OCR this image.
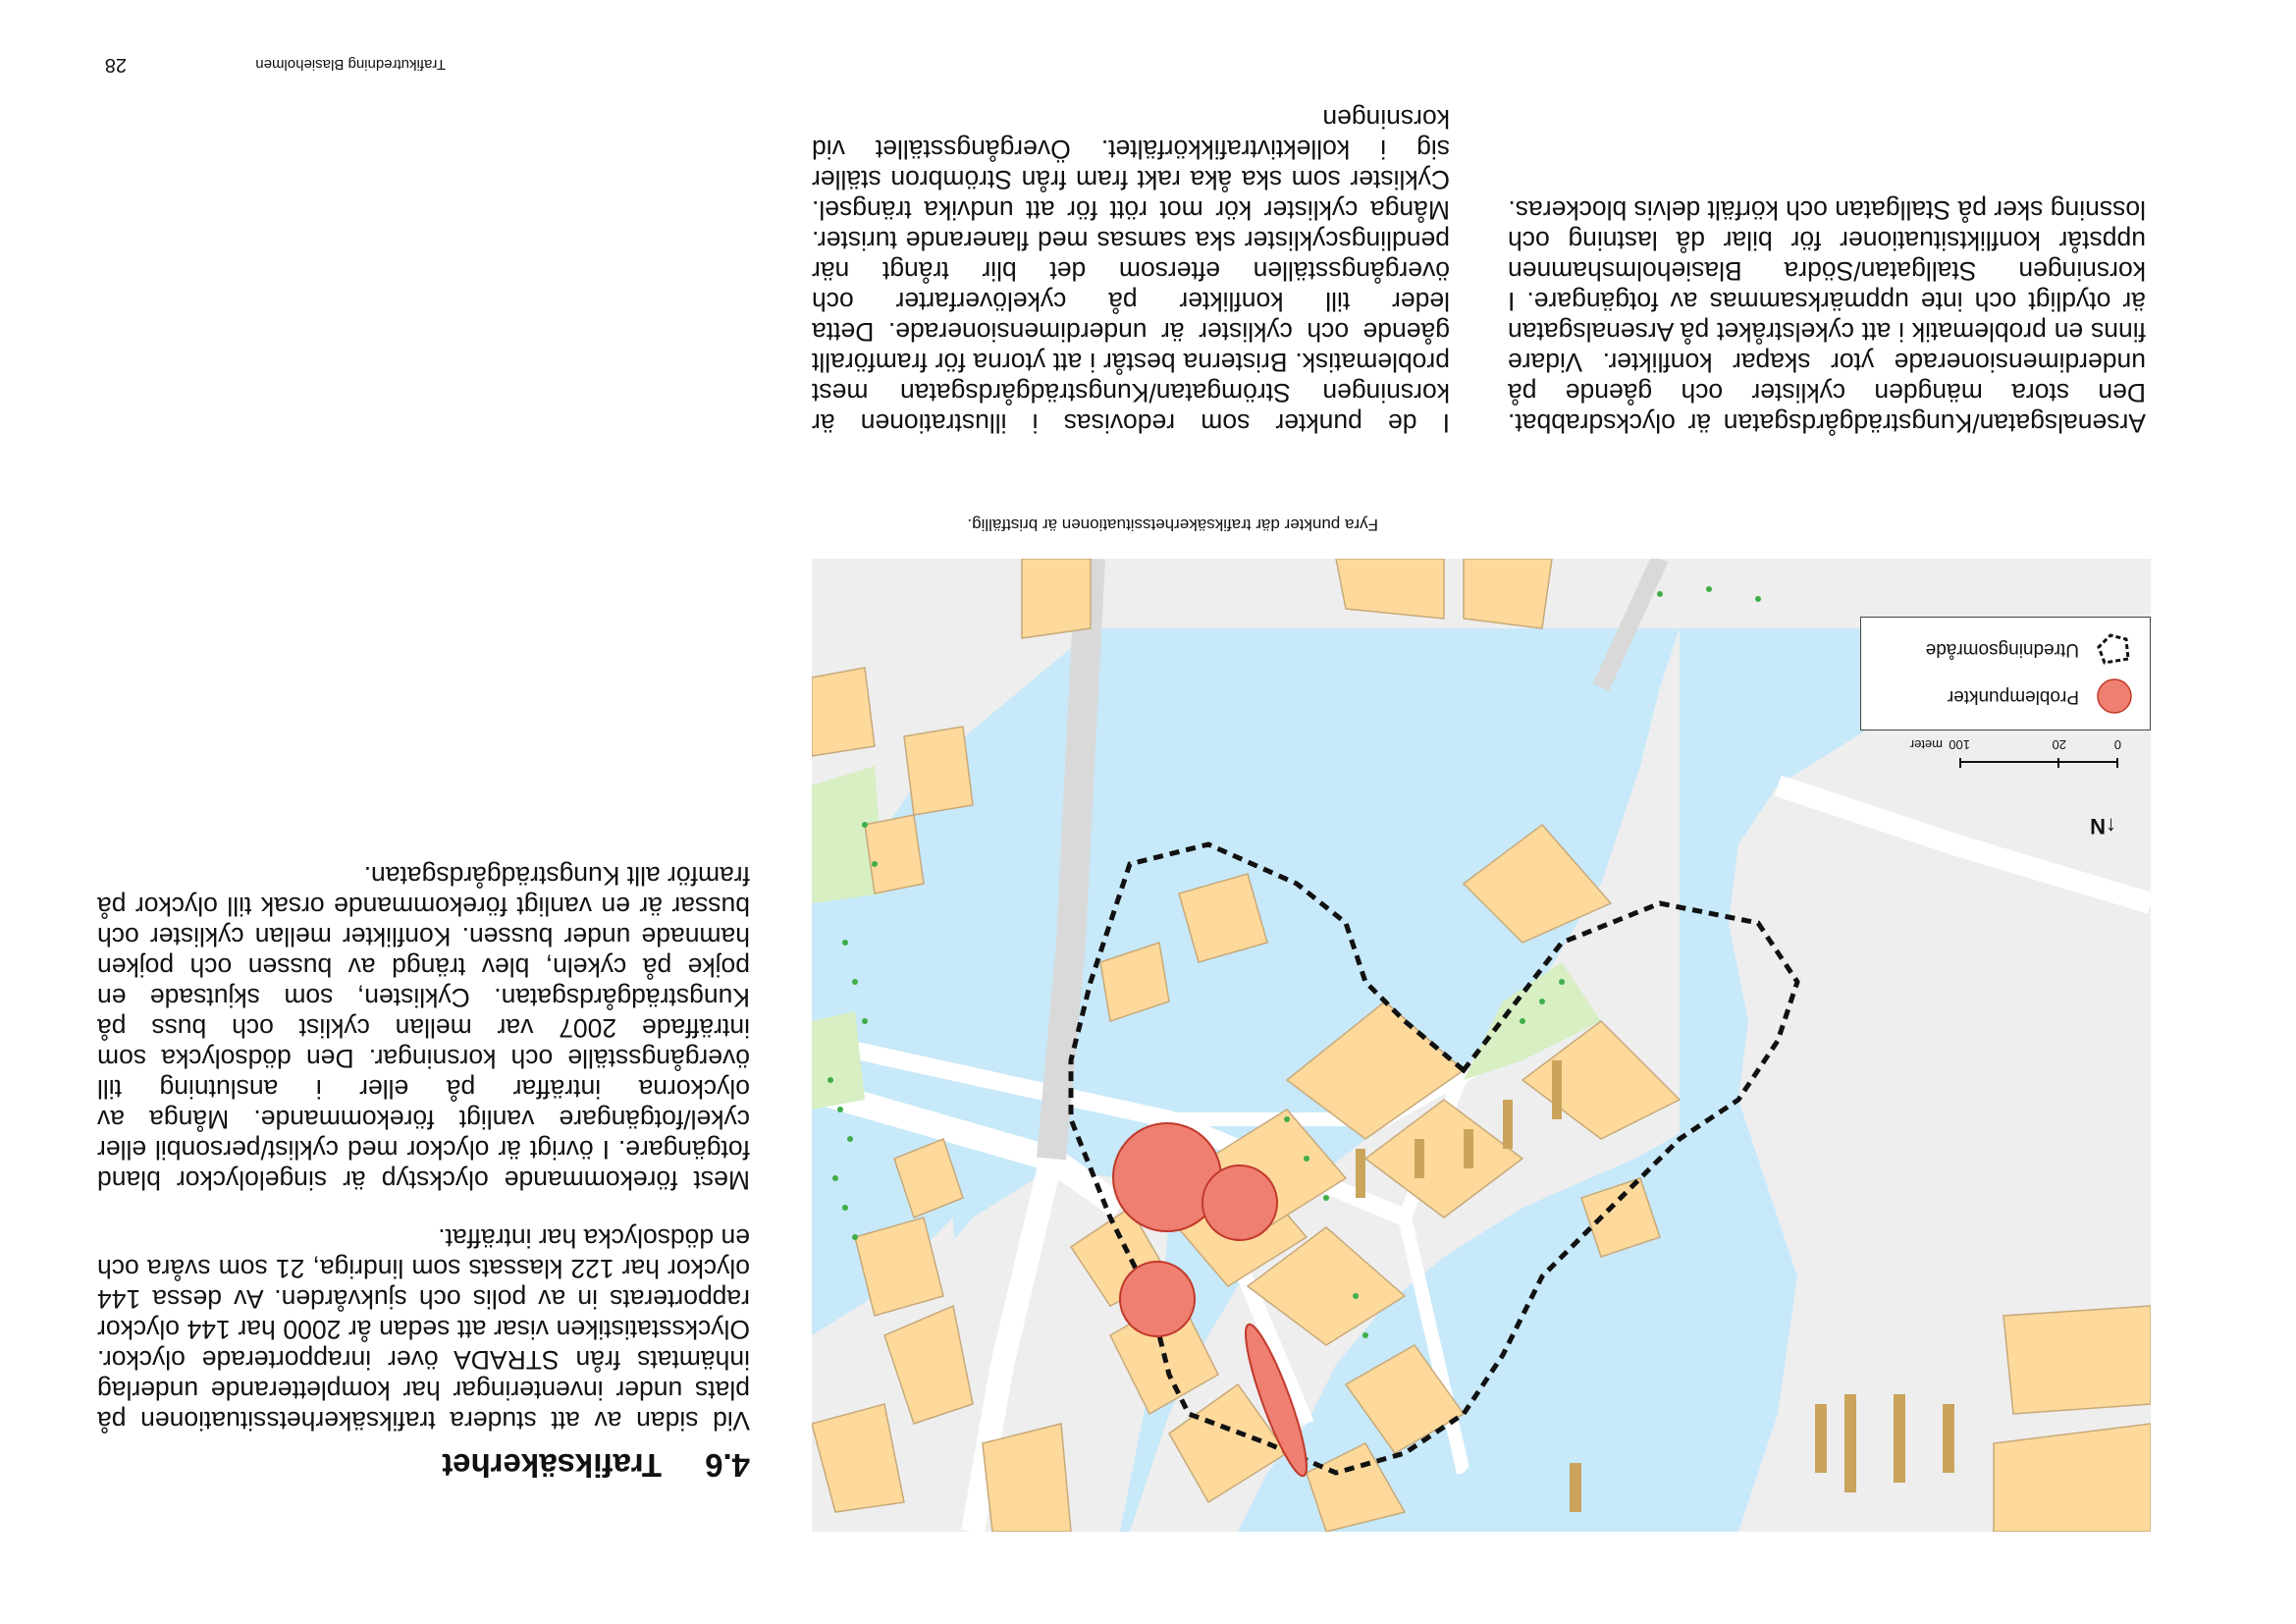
28	Trafikutredning Blasieholmen
4.6
Trafiksäkerhet

Vid sidan av att studera trafiksäkerhetssituationen på plats under inventeringar har kompletterande underlag inhämtats från STRADA över inrapporterade olyckor. Olycksstatistiken visar att sedan år 2000 har 144 olyckor rapporterats in av polis och sjukvården. Av dessa 144 olyckor har 122 klassats som lindriga, 21 som svåra och en dödsolycka har inträffat.

Mest förekommande olyckstyp är singelolyckor bland fotgängare. I övrigt är olyckor med cyklist/personbil eller cykel/fotgängare vanligt förekommande. Många av olyckorna inträffar på eller i anslutning till övergångsställe och korsningar. Den dödsolycka som inträffade 2007 var mellan cyklist och buss på Kungsträdgårdsgatan. Cyklisten, som skjutsade en pojke på cykeln, blev trängd av bussen och pojken hamnade under bussen. Konflikter mellan cyklister och bussar är en vanligt förekommande orsak till olyckor på framför allt Kungsträdgårdsgatan.

I de punkter som redovisas i illustrationen är korsningen Strömgatan/Kungsträdgårdsgatan mest problematisk. Bristerna består i att ytorna för framförallt gående och cyklister är underdimensionerade. Detta leder till konflikter på cykelöverfarter och övergångsställen eftersom det blir trångt när pendlingscyklister ska samsas med flanerande turister. Många cyklister kör mot rött för att undvika trängsel. Cyklister som ska åka rakt fram från Strömbron ställer sig i kollektivtrafikkörfältet. Övergångsstället vid korsningen

Arsenalsgatan/Kungsträdgårdsgatan är olycksdrabbat. Den stora mängden cyklister och gående på underdimensionerade ytor skapar konflikter. Vidare finns en problematik i att cykelstråket på Arsenalsgatan är otydligt och inte uppmärksammas av fotgängare. I korsningen Stallgatan/Södra Blasieholmshamnen uppstår konfliktsituationer för bilar då lastning och lossning sker på Stallgatan och körfält delvis blockeras.

Fyra punkter där trafiksäkerhetssituationen är bristfällig.
↑N
0
20
100
meter
Problempunkter
Utredningsområde
